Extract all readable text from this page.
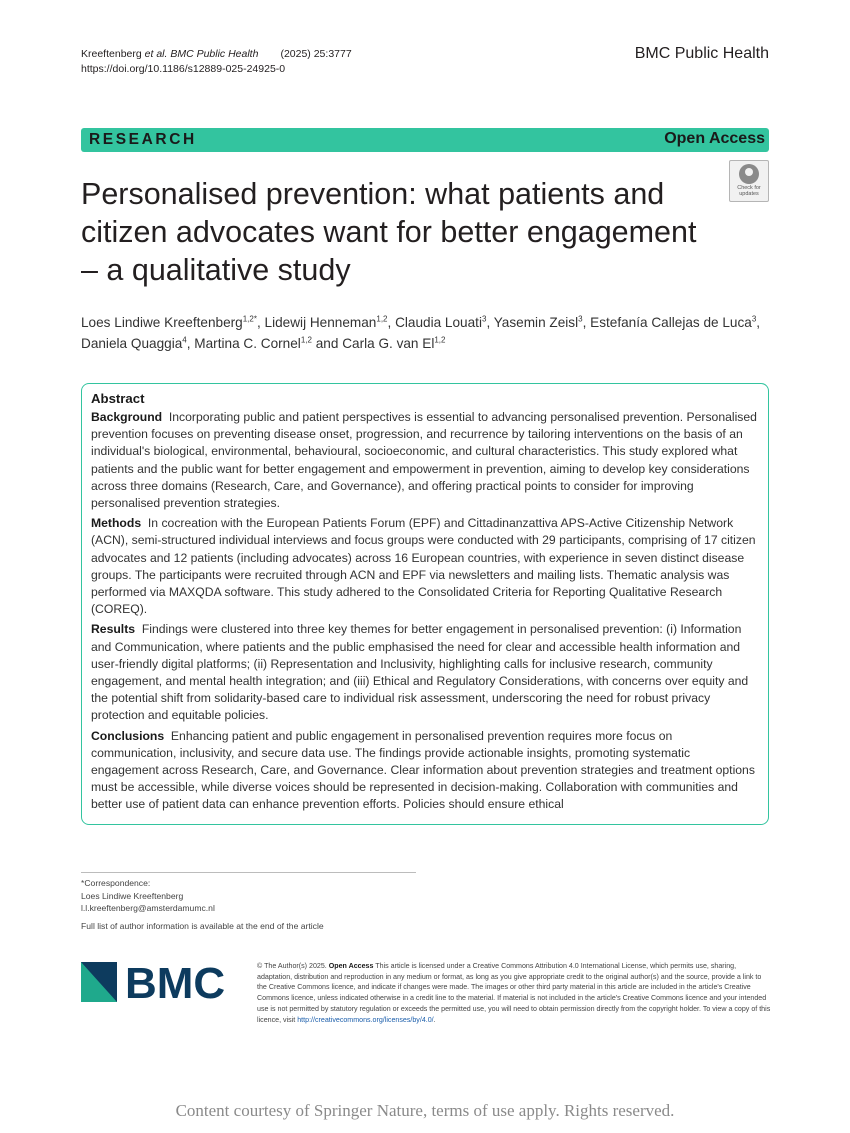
Kreeftenberg et al. BMC Public Health (2025) 25:3777
https://doi.org/10.1186/s12889-025-24925-0
BMC Public Health
RESEARCH	Open Access
Check for
updates
Personalised prevention: what patients and citizen advocates want for better engagement – a qualitative study
Loes Lindiwe Kreeftenberg$^{1,2*}$, Lidewij Henneman$^{1,2}$, Claudia Louati$^3$, Yasemin Zeisl$^3$, Estefanía Callejas de Luca$^3$, Daniela Quaggia$^4$, Martina C. Cornel$^{1,2}$ and Carla G. van El$^{1,2}$
Abstract

Background Incorporating public and patient perspectives is essential to advancing personalised prevention. Personalised prevention focuses on preventing disease onset, progression, and recurrence by tailoring interventions on the basis of an individual's biological, environmental, behavioural, socioeconomic, and cultural characteristics. This study explored what patients and the public want for better engagement and empowerment in prevention, aiming to develop key considerations across three domains (Research, Care, and Governance), and offering practical points to consider for improving personalised prevention strategies.

Methods In cocreation with the European Patients Forum (EPF) and Cittadinanzattiva APS-Active Citizenship Network (ACN), semi-structured individual interviews and focus groups were conducted with 29 participants, comprising of 17 citizen advocates and 12 patients (including advocates) across 16 European countries, with experience in seven distinct disease groups. The participants were recruited through ACN and EPF via newsletters and mailing lists. Thematic analysis was performed via MAXQDA software. This study adhered to the Consolidated Criteria for Reporting Qualitative Research (COREQ).

Results Findings were clustered into three key themes for better engagement in personalised prevention: (i) Information and Communication, where patients and the public emphasised the need for clear and accessible health information and user-friendly digital platforms; (ii) Representation and Inclusivity, highlighting calls for inclusive research, community engagement, and mental health integration; and (iii) Ethical and Regulatory Considerations, with concerns over equity and the potential shift from solidarity-based care to individual risk assessment, underscoring the need for robust privacy protection and equitable policies.

Conclusions Enhancing patient and public engagement in personalised prevention requires more focus on communication, inclusivity, and secure data use. The findings provide actionable insights, promoting systematic engagement across Research, Care, and Governance. Clear information about prevention strategies and treatment options must be accessible, while diverse voices should be represented in decision-making. Collaboration with communities and better use of patient data can enhance prevention efforts. Policies should ensure ethical

*Correspondence:
Loes Lindiwe Kreeftenberg
l.l.kreeftenberg@amsterdamumc.nl
Full list of author information is available at the end of the article
BMC	© The Author(s) 2025. Open Access This article is licensed under a Creative Commons Attribution 4.0 International License, which permits use, sharing, adaptation, distribution and reproduction in any medium or format, as long as you give appropriate credit to the original author(s) and the source, provide a link to the Creative Commons licence, and indicate if changes were made. The images or other third party material in this article are included in the article's Creative Commons licence, unless indicated otherwise in a credit line to the material. If material is not included in the article's Creative Commons licence and your intended use is not permitted by statutory regulation or exceeds the permitted use, you will need to obtain permission directly from the copyright holder. To view a copy of this licence, visit http://creativecommons.org/licenses/by/4.0/.
Content courtesy of Springer Nature, terms of use apply. Rights reserved.
